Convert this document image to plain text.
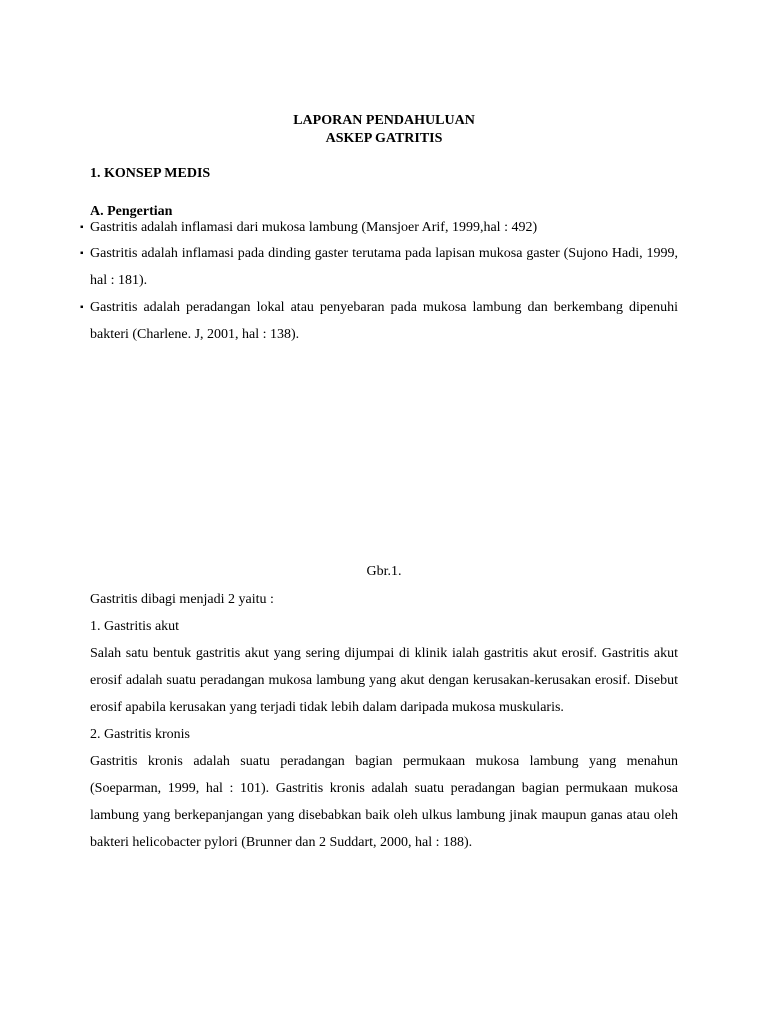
LAPORAN PENDAHULUAN
ASKEP GATRITIS
1. KONSEP MEDIS
A. Pengertian
▪ Gastritis adalah inflamasi dari mukosa lambung (Mansjoer Arif, 1999,hal : 492)
▪ Gastritis adalah inflamasi pada dinding gaster terutama pada lapisan mukosa gaster (Sujono Hadi, 1999, hal : 181).
▪ Gastritis adalah peradangan lokal atau penyebaran pada mukosa lambung dan berkembang dipenuhi bakteri (Charlene. J, 2001, hal : 138).
Gbr.1.

Gastritis dibagi menjadi 2 yaitu :

1. Gastritis akut

Salah satu bentuk gastritis akut yang sering dijumpai di klinik ialah gastritis akut erosif. Gastritis akut erosif adalah suatu peradangan mukosa lambung yang akut dengan kerusakan-kerusakan erosif. Disebut erosif apabila kerusakan yang terjadi tidak lebih dalam daripada mukosa muskularis.

2. Gastritis kronis

Gastritis kronis adalah suatu peradangan bagian permukaan mukosa lambung yang menahun (Soeparman, 1999, hal : 101). Gastritis kronis adalah suatu peradangan bagian permukaan mukosa lambung yang berkepanjangan yang disebabkan baik oleh ulkus lambung jinak maupun ganas atau oleh bakteri helicobacter pylori (Brunner dan 2 Suddart, 2000, hal : 188).
